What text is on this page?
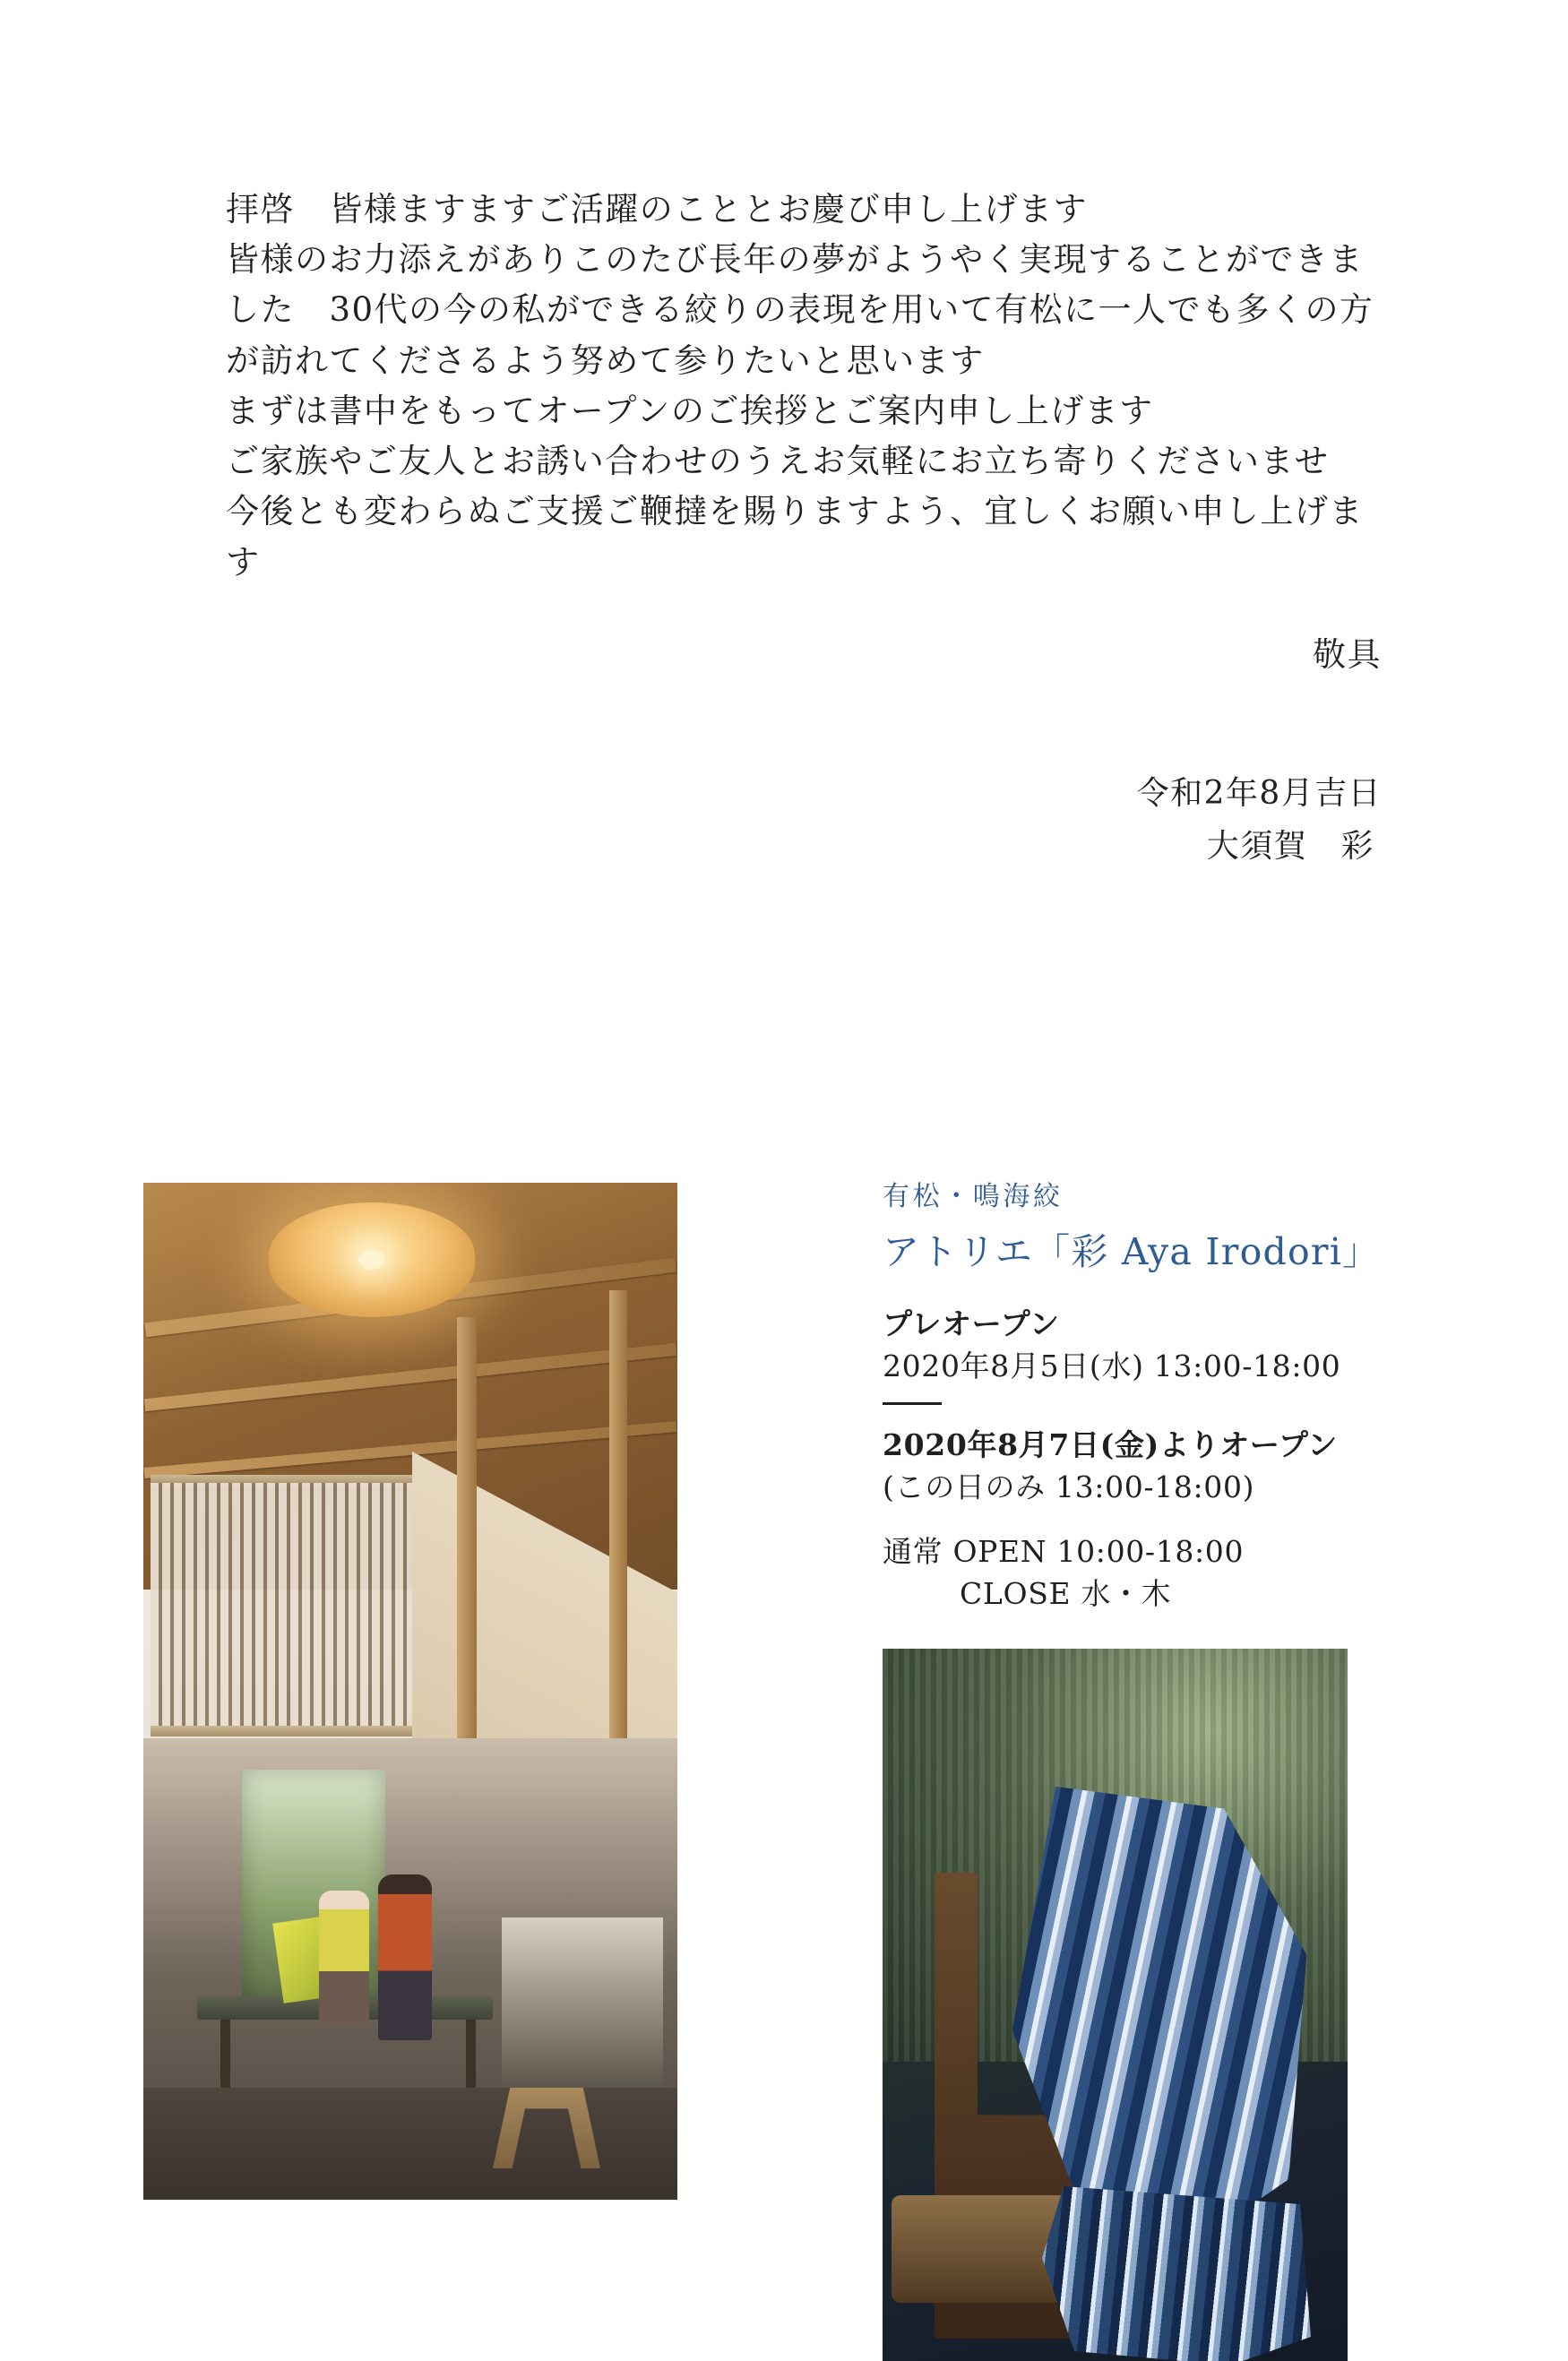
拝啓　皆様ますますご活躍のこととお慶び申し上げます

皆様のお力添えがありこのたび長年の夢がようやく実現することができました　30代の今の私ができる絞りの表現を用いて有松に一人でも多くの方が訪れてくださるよう努めて参りたいと思います

まずは書中をもってオープンのご挨拶とご案内申し上げます

ご家族やご友人とお誘い合わせのうえお気軽にお立ち寄りくださいませ

今後とも変わらぬご支援ご鞭撻を賜りますよう、宜しくお願い申し上げます

敬具
令和2年8月吉日
大須賀　彩
有松・鳴海絞
アトリエ「彩 Aya Irodori」
プレオープン
2020年8月5日(水) 13:00-18:00
2020年8月7日(金)よりオープン
(この日のみ 13:00-18:00)
通常 OPEN 10:00-18:00
CLOSE 水・木
